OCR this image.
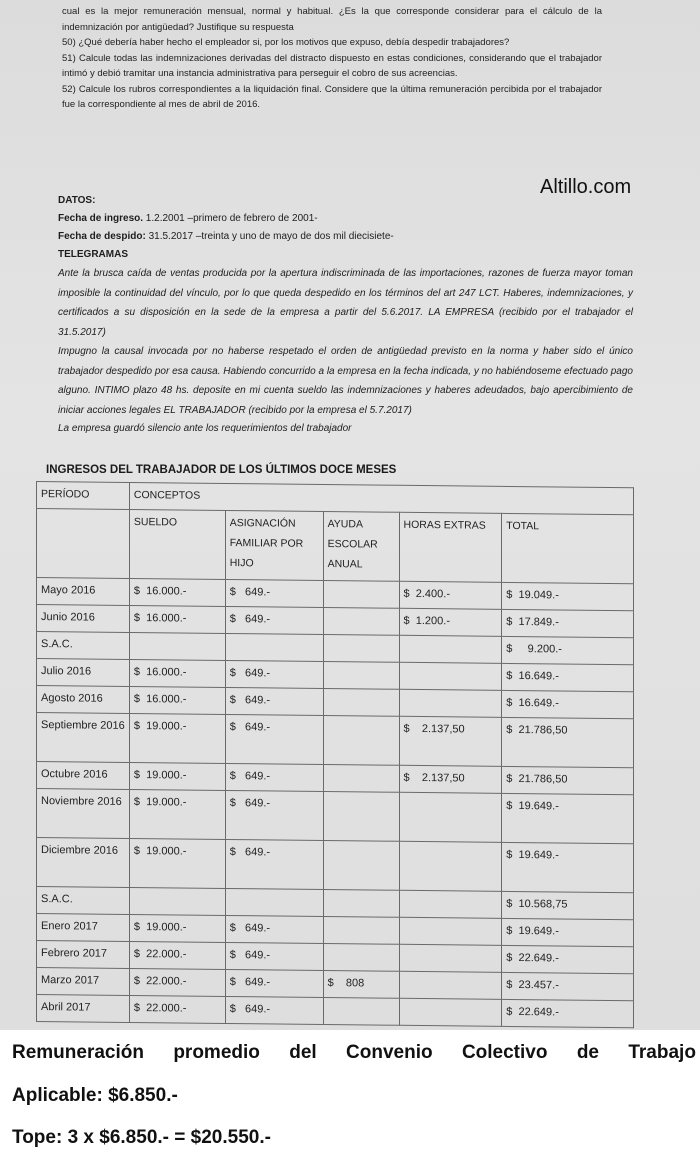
cual es la mejor remuneración mensual, normal y habitual. ¿Es la que corresponde considerar para el cálculo de la indemnización por antigüedad? Justifique su respuesta

50) ¿Qué debería haber hecho el empleador si, por los motivos que expuso, debía despedir trabajadores?

51) Calcule todas las indemnizaciones derivadas del distracto dispuesto en estas condiciones, considerando que el trabajador intimó y debió tramitar una instancia administrativa para perseguir el cobro de sus acreencias.

52) Calcule los rubros correspondientes a la liquidación final. Considere que la última remuneración percibida por el trabajador fue la correspondiente al mes de abril de 2016.

Altillo.com
DATOS:
Fecha de ingreso. 1.2.2001 –primero de febrero de 2001-
Fecha de despido: 31.5.2017 –treinta y uno de mayo de dos mil diecisiete-
TELEGRAMAS

Ante la brusca caída de ventas producida por la apertura indiscriminada de las importaciones, razones de fuerza mayor toman imposible la continuidad del vínculo, por lo que queda despedido en los términos del art 247 LCT. Haberes, indemnizaciones, y certificados a su disposición en la sede de la empresa a partir del 5.6.2017. LA EMPRESA (recibido por el trabajador el 31.5.2017)

Impugno la causal invocada por no haberse respetado el orden de antigüedad previsto en la norma y haber sido el único trabajador despedido por esa causa. Habiendo concurrido a la empresa en la fecha indicada, y no habiéndoseme efectuado pago alguno. INTIMO plazo 48 hs. deposite en mi cuenta sueldo las indemnizaciones y haberes adeudados, bajo apercibimiento de iniciar acciones legales EL TRABAJADOR (recibido por la empresa el 5.7.2017)

La empresa guardó silencio ante los requerimientos del trabajador

INGRESOS DEL TRABAJADOR DE LOS ÚLTIMOS DOCE MESES
PERÍODO	CONCEPTOS				
	SUELDO	ASIGNACIÓN FAMILIAR POR HIJO	AYUDA ESCOLAR ANUAL	HORAS EXTRAS	TOTAL
Mayo 2016	$  16.000.-	$   649.-		$  2.400.-	$  19.049.-
Junio 2016	$  16.000.-	$   649.-		$  1.200.-	$  17.849.-
S.A.C.					$     9.200.-
Julio 2016	$  16.000.-	$   649.-			$  16.649.-
Agosto 2016	$  16.000.-	$   649.-			$  16.649.-
Septiembre 2016	$  19.000.-	$   649.-		$    2.137,50	$  21.786,50
Octubre 2016	$  19.000.-	$   649.-		$    2.137,50	$  21.786,50
Noviembre 2016	$  19.000.-	$   649.-			$  19.649.-
Diciembre 2016	$  19.000.-	$   649.-			$  19.649.-
S.A.C.					$  10.568,75
Enero 2017	$  19.000.-	$   649.-			$  19.649.-
Febrero 2017	$  22.000.-	$   649.-			$  22.649.-
Marzo 2017	$  22.000.-	$   649.-	$    808		$  23.457.-
Abril 2017	$  22.000.-	$   649.-			$  22.649.-
Remuneración promedio del Convenio Colectivo de Trabajo
Aplicable: $6.850.-
Tope: 3 x $6.850.- = $20.550.-
